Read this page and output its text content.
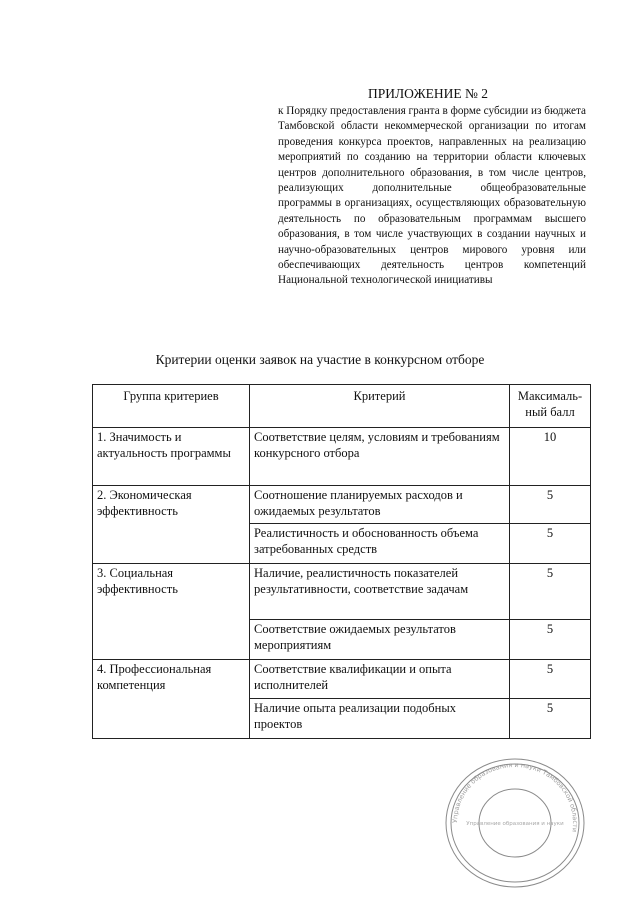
ПРИЛОЖЕНИЕ № 2
к Порядку предоставления гранта в форме субсидии из бюджета Тамбовской области некоммерческой организации по итогам проведения конкурса проектов, направленных на реализацию мероприятий по созданию на территории области ключевых центров дополнительного образования, в том числе центров, реализующих дополнительные общеобразовательные программы в организациях, осуществляющих образовательную деятельность по образовательным программам высшего образования, в том числе участвующих в создании научных и научно-образовательных центров мирового уровня или обеспечивающих деятельность центров компетенций Национальной технологической инициативы
Критерии оценки заявок на участие в конкурсном отборе
Группа критериев	Критерий	Максималь-ный балл
1. Значимость и актуальность программы	Соответствие целям, условиям и требованиям конкурсного отбора	10
2. Экономическая эффективность	Соотношение планируемых расходов и ожидаемых результатов	5
	Реалистичность и обоснованность объема затребованных средств	5
3. Социальная эффективность	Наличие, реалистичность показателей результативности, соответствие задачам	5
	Соответствие ожидаемых результатов мероприятиям	5
4. Профессиональная компетенция	Соответствие квалификации и опыта исполнителей	5
	Наличие опыта реализации подобных проектов	5
Управление образования и науки Тамбовской области
Управление образования и науки
